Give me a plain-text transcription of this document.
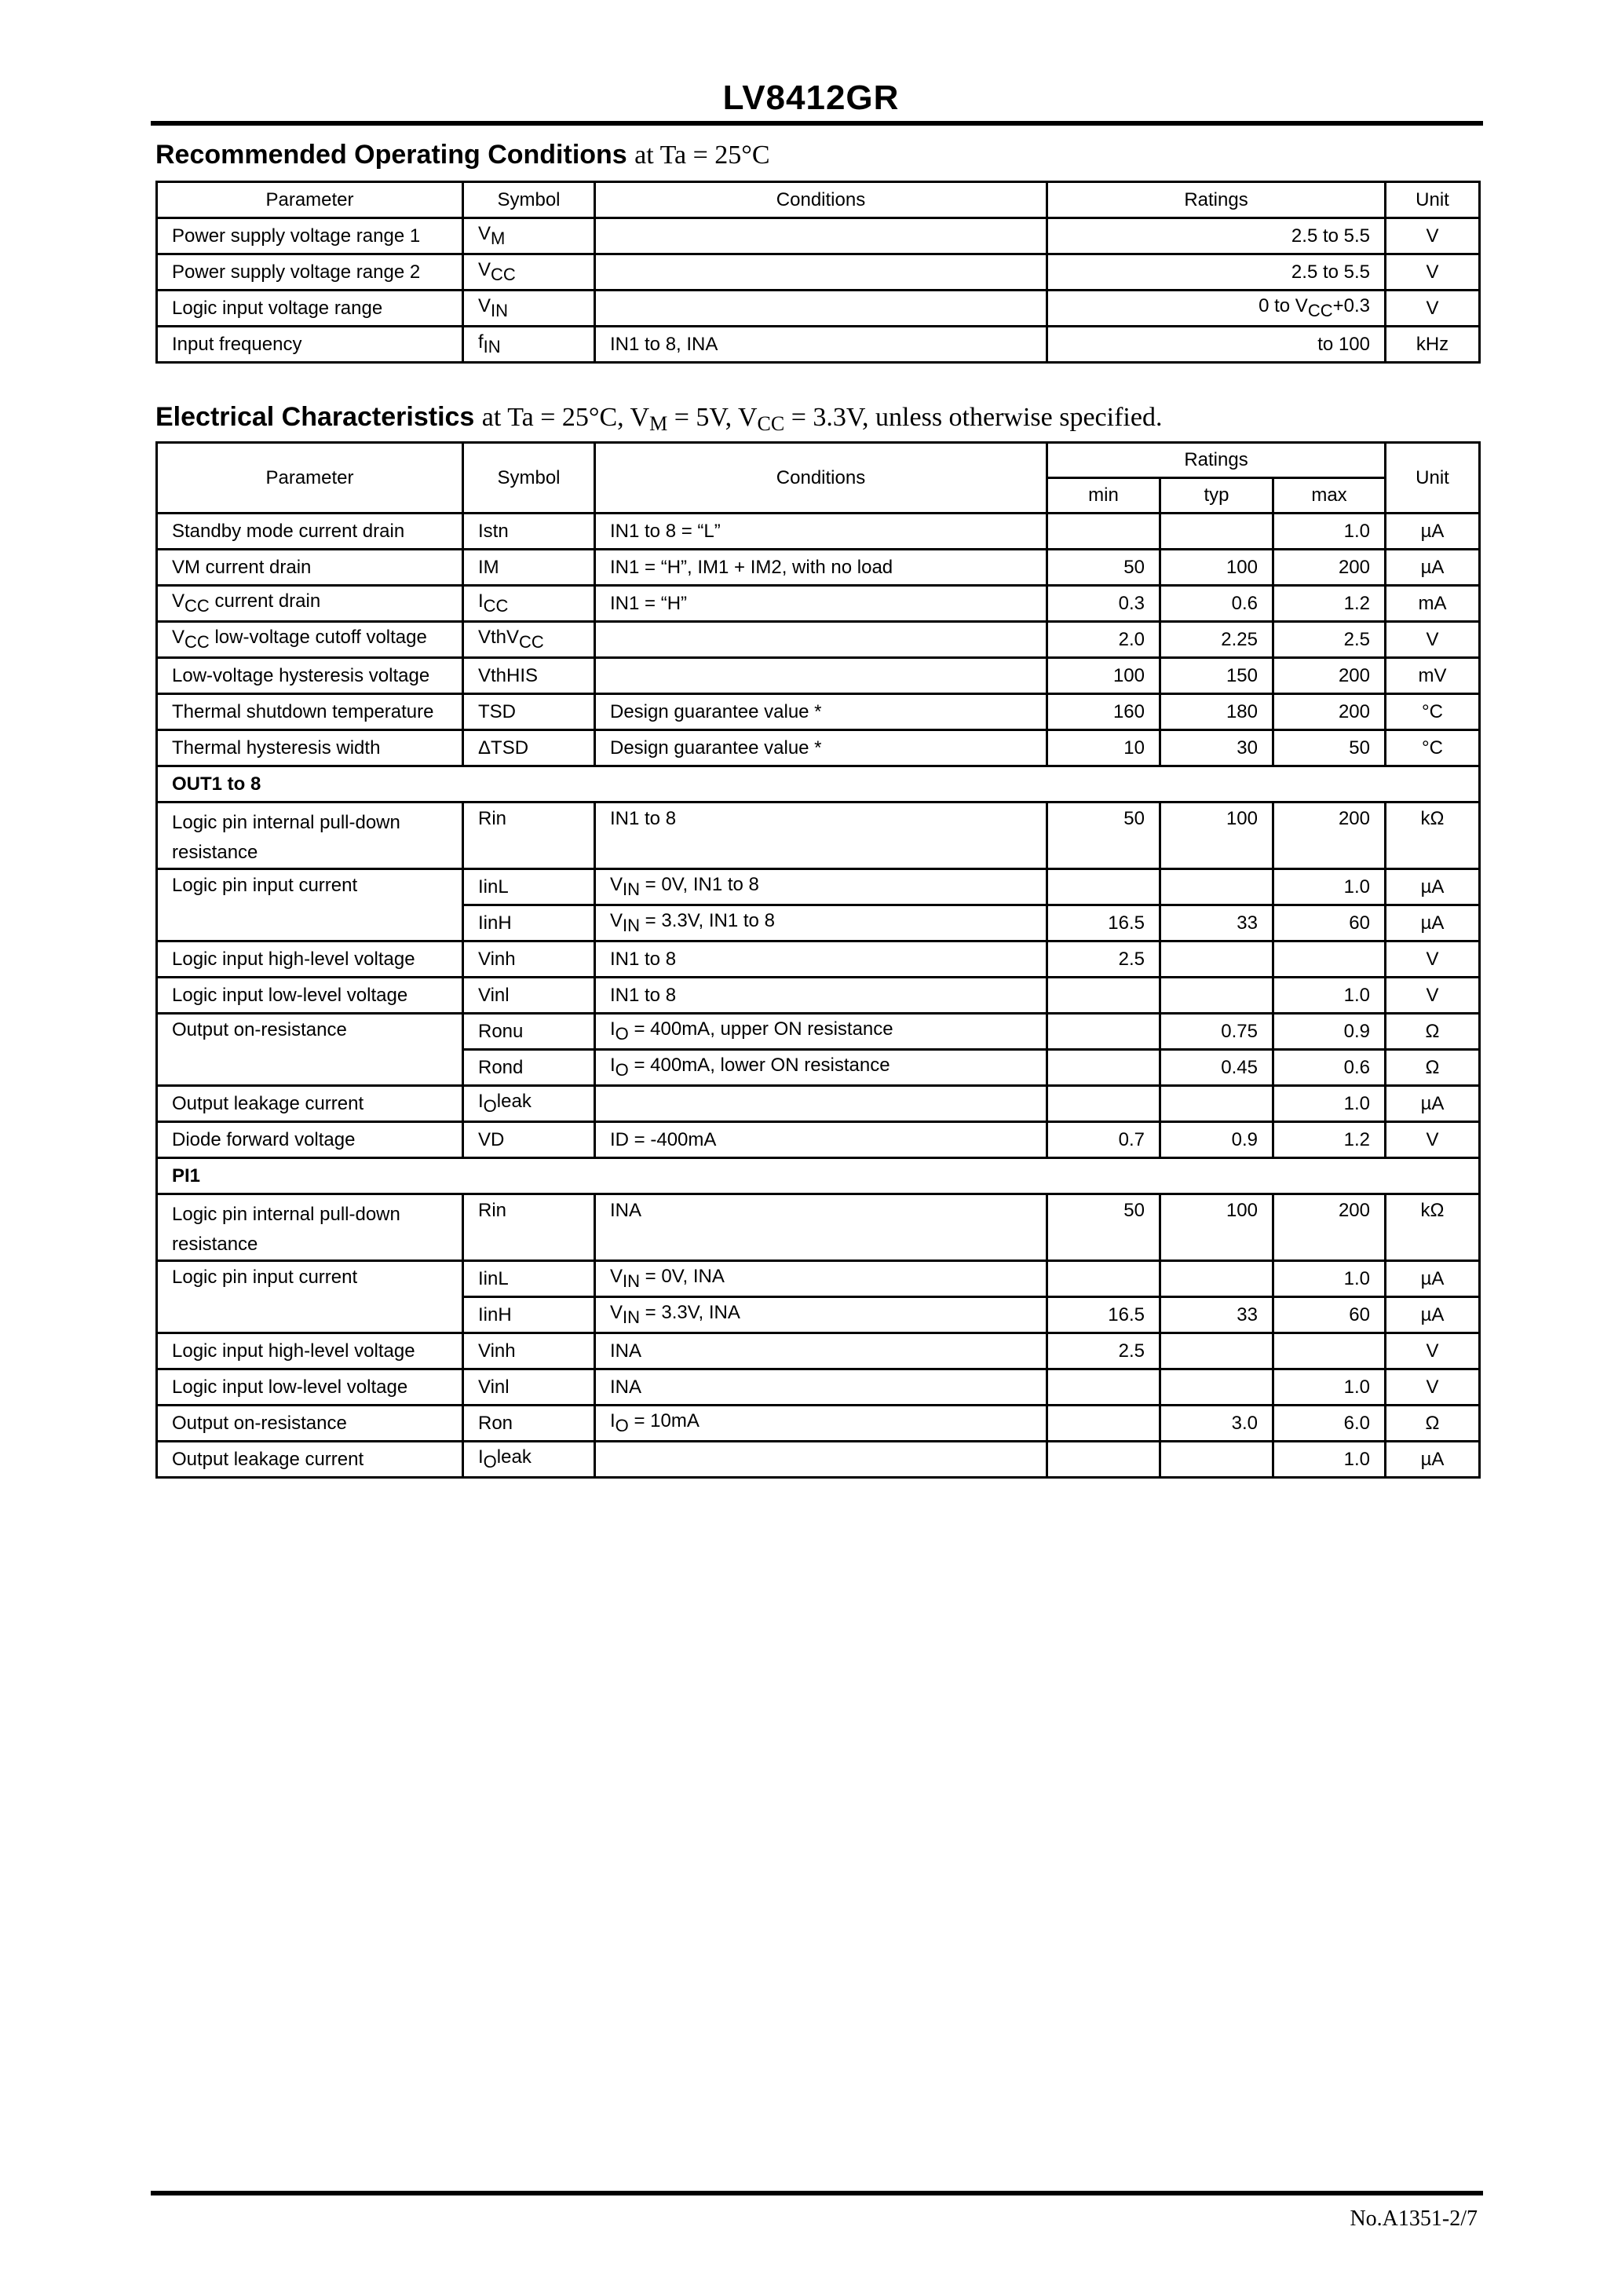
LV8412GR
Recommended Operating Conditions at Ta = 25°C
Parameter	Symbol	Conditions	Ratings	Unit
Power supply voltage range 1	$V_M$		2.5 to 5.5	V
Power supply voltage range 2	$V_{CC}$		2.5 to 5.5	V
Logic input voltage range	$V_{IN}$		0 to $V_{CC}+0.3$	V
Input frequency	$f_{IN}$	IN1 to 8, INA	to 100	kHz
Electrical Characteristics at Ta = 25°C, $V_M = 5V$, $V_{CC} = 3.3V$, unless otherwise specified.
Parameter	Symbol	Conditions	Ratings			Unit
			min	typ	max	
Standby mode current drain	Istn	IN1 to 8 = “L”			1.0	µA
VM current drain	IM	IN1 = “H”, IM1 + IM2, with no load	50	100	200	µA
$V_{CC}$ current drain	$I_{CC}$	IN1 = “H”	0.3	0.6	1.2	mA
$V_{CC}$ low-voltage cutoff voltage	VthV$_{CC}$		2.0	2.25	2.5	V
Low-voltage hysteresis voltage	VthHIS		100	150	200	mV
Thermal shutdown temperature	TSD	Design guarantee value *	160	180	200	°C
Thermal hysteresis width	ΔTSD	Design guarantee value *	10	30	50	°C
OUT1 to 8						
Logic pin internal pull-down resistance	Rin	IN1 to 8	50	100	200	kΩ
Logic pin input current	IinL	$V_{IN} = 0V$, IN1 to 8			1.0	µA
	IinH	$V_{IN} = 3.3V$, IN1 to 8	16.5	33	60	µA
Logic input high-level voltage	Vinh	IN1 to 8	2.5			V
Logic input low-level voltage	Vinl	IN1 to 8			1.0	V
Output on-resistance	Ronu	$I_O = 400mA$, upper ON resistance		0.75	0.9	Ω
	Rond	$I_O = 400mA$, lower ON resistance		0.45	0.6	Ω
Output leakage current	$I_Oleak$				1.0	µA
Diode forward voltage	VD	ID = -400mA	0.7	0.9	1.2	V
PI1						
Logic pin internal pull-down resistance	Rin	INA	50	100	200	kΩ
Logic pin input current	IinL	$V_{IN} = 0V$, INA			1.0	µA
	IinH	$V_{IN} = 3.3V$, INA	16.5	33	60	µA
Logic input high-level voltage	Vinh	INA	2.5			V
Logic input low-level voltage	Vinl	INA			1.0	V
Output on-resistance	Ron	$I_O = 10mA$		3.0	6.0	Ω
Output leakage current	$I_Oleak$				1.0	µA
No.A1351-2/7
